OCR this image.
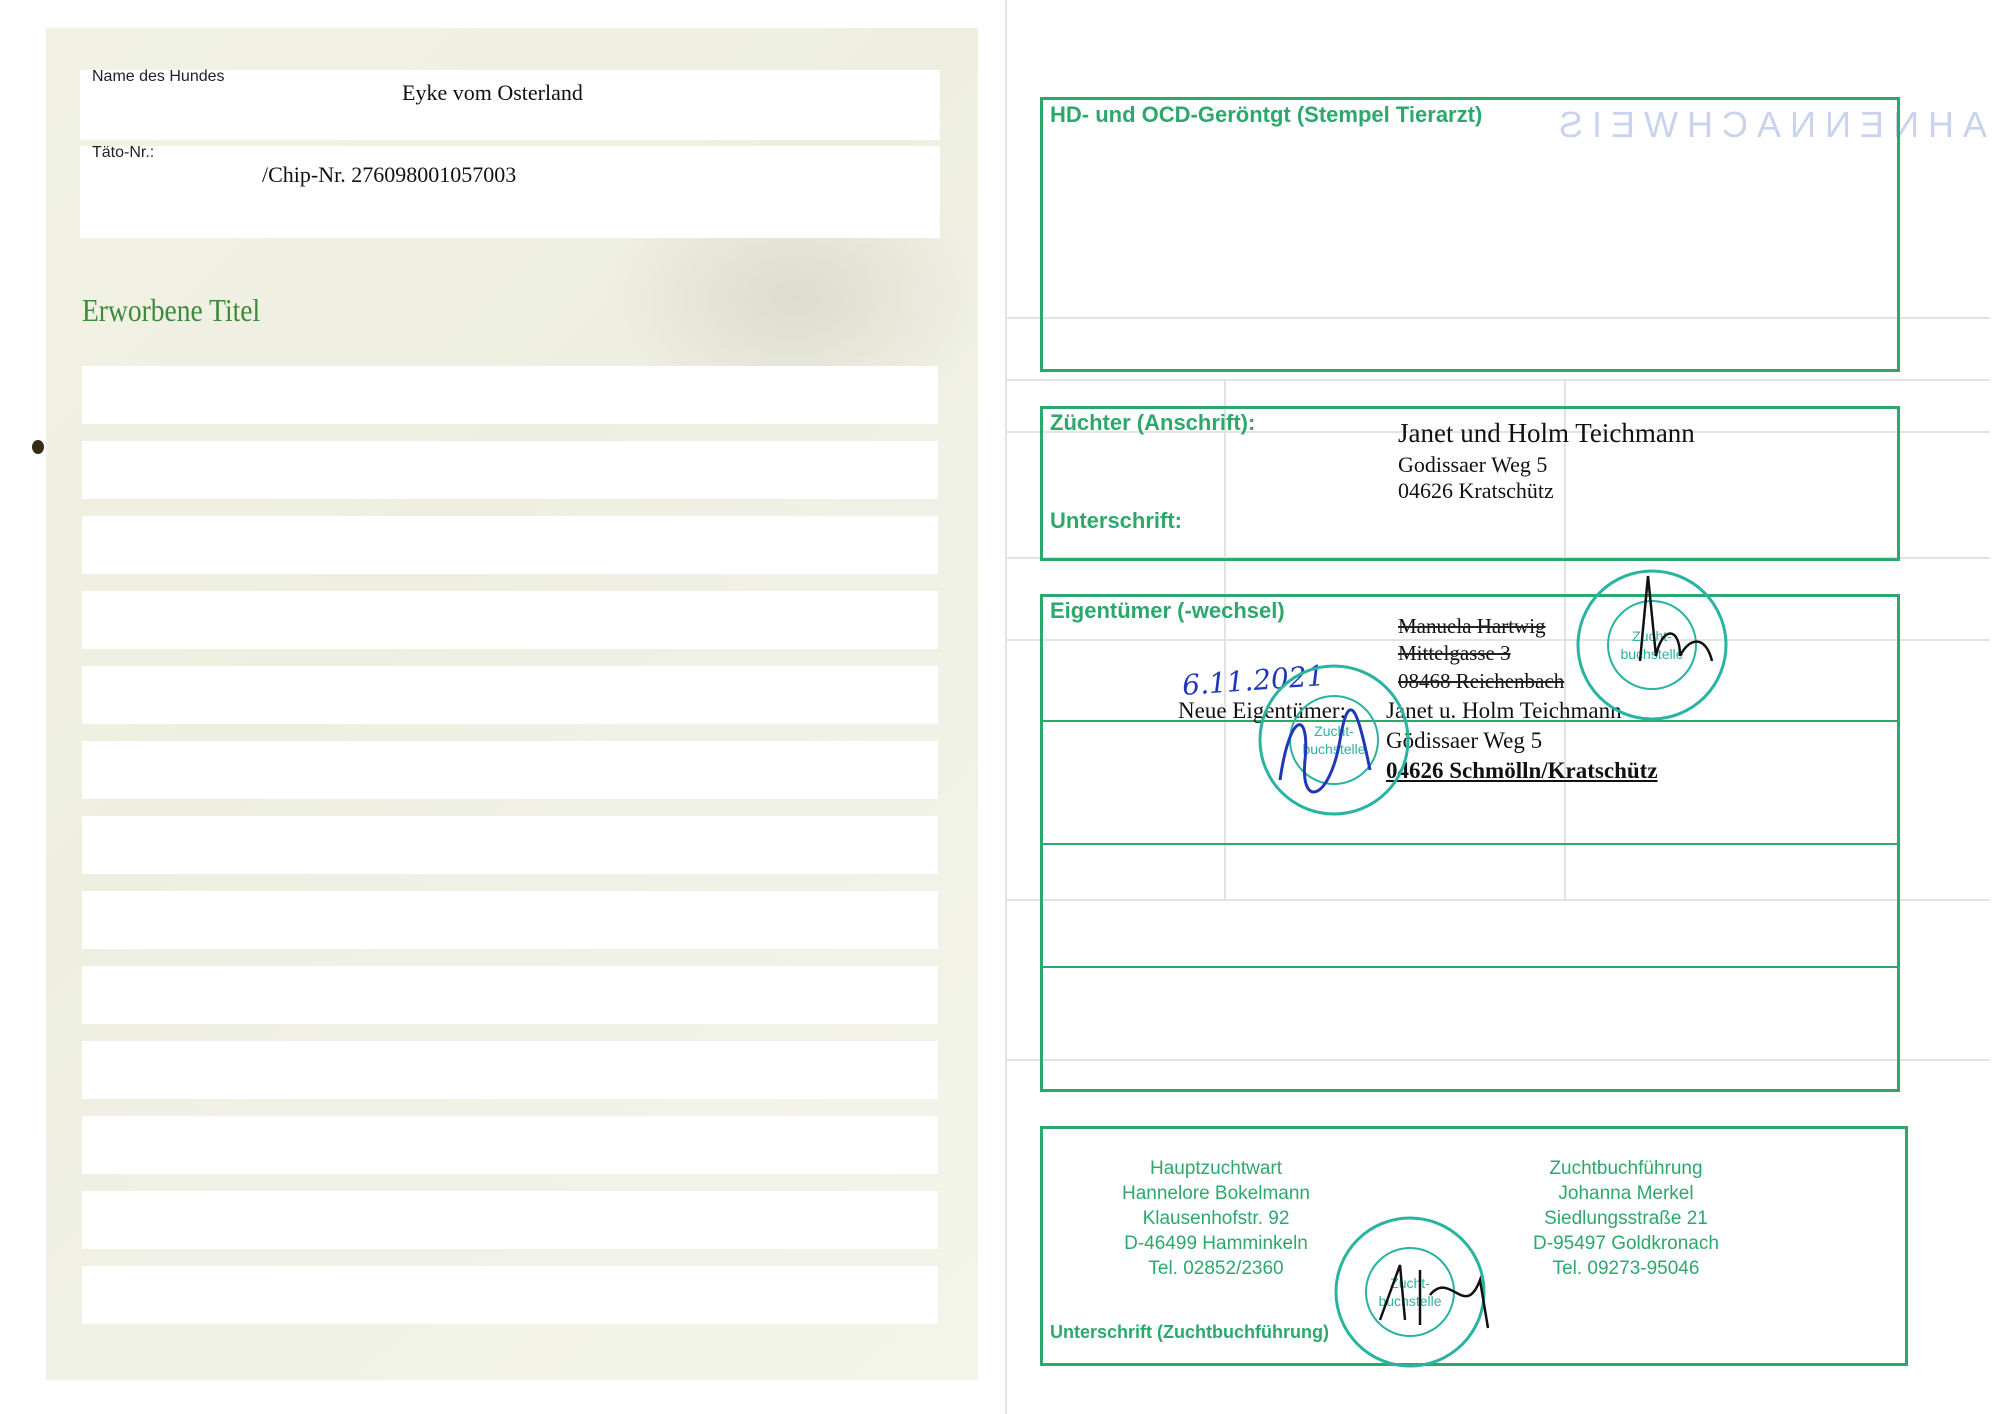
Name des Hundes
Eyke vom Osterland
Täto-Nr.:
/Chip-Nr. 276098001057003
Erworbene Titel
AHNENNACHWEIS
HD- und OCD-Geröntgt (Stempel Tierarzt)
Züchter (Anschrift):
Unterschrift:
Janet und Holm Teichmann
Godissaer Weg 5
04626 Kratschütz
Eigentümer (-wechsel)
Manuela Hartwig
Mittelgasse 3
08468 Reichenbach
Neue Eigentümer: Janet u. Holm Teichmann
Gödissaer Weg 5
04626 Schmölln/Kratschütz
6.11.2021
Zucht-
buchstelle
Zucht-
buchstelle
Hauptzuchtwart
Hannelore Bokelmann
Klausenhofstr. 92
D-46499 Hamminkeln
Tel. 02852/2360
Zuchtbuchführung
Johanna Merkel
Siedlungsstraße 21
D-95497 Goldkronach
Tel. 09273-95046
Unterschrift (Zuchtbuchführung)
Zucht-
buchstelle
